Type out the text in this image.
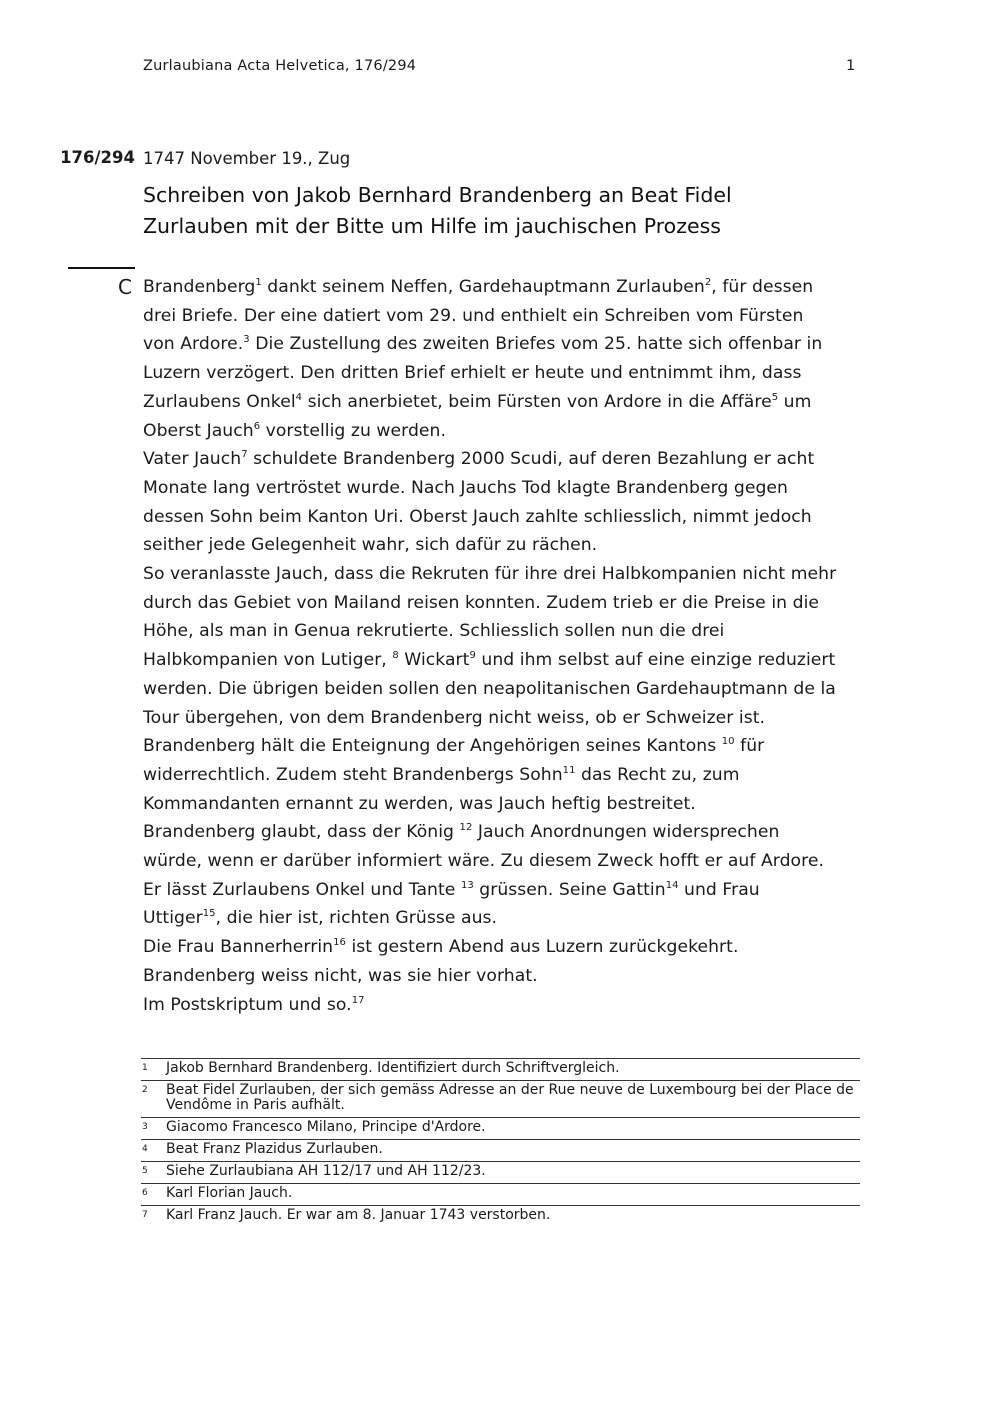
Zurlaubiana Acta Helvetica, 176/294	1
176/294 1747 November 19., Zug
Schreiben von Jakob Bernhard Brandenberg an Beat Fidel
Zurlauben mit der Bitte um Hilfe im jauchischen Prozess
C Brandenberg$^1$ dankt seinem Neffen, Gardehauptmann Zurlauben$^2$, für dessen
drei Briefe. Der eine datiert vom 29. und enthielt ein Schreiben vom Fürsten
von Ardore.$^3$ Die Zustellung des zweiten Briefes vom 25. hatte sich offenbar in
Luzern verzögert. Den dritten Brief erhielt er heute und entnimmt ihm, dass
Zurlaubens Onkel$^4$ sich anerbietet, beim Fürsten von Ardore in die Affäre$^5$ um
Oberst Jauch$^6$ vorstellig zu werden.
Vater Jauch$^7$ schuldete Brandenberg 2000 Scudi, auf deren Bezahlung er acht
Monate lang vertröstet wurde. Nach Jauchs Tod klagte Brandenberg gegen
dessen Sohn beim Kanton Uri. Oberst Jauch zahlte schliesslich, nimmt jedoch
seither jede Gelegenheit wahr, sich dafür zu rächen.
So veranlasste Jauch, dass die Rekruten für ihre drei Halbkompanien nicht mehr
durch das Gebiet von Mailand reisen konnten. Zudem trieb er die Preise in die
Höhe, als man in Genua rekrutierte. Schliesslich sollen nun die drei
Halbkompanien von Lutiger, $^8$ Wickart$^9$ und ihm selbst auf eine einzige reduziert
werden. Die übrigen beiden sollen den neapolitanischen Gardehauptmann de la
Tour übergehen, von dem Brandenberg nicht weiss, ob er Schweizer ist.
Brandenberg hält die Enteignung der Angehörigen seines Kantons $^{10}$ für
widerrechtlich. Zudem steht Brandenbergs Sohn$^{11}$ das Recht zu, zum
Kommandanten ernannt zu werden, was Jauch heftig bestreitet.
Brandenberg glaubt, dass der König $^{12}$ Jauch Anordnungen widersprechen
würde, wenn er darüber informiert wäre. Zu diesem Zweck hofft er auf Ardore.
Er lässt Zurlaubens Onkel und Tante $^{13}$ grüssen. Seine Gattin$^{14}$ und Frau
Uttiger$^{15}$, die hier ist, richten Grüsse aus.
Die Frau Bannerherrin$^{16}$ ist gestern Abend aus Luzern zurückgekehrt.
Brandenberg weiss nicht, was sie hier vorhat.
Im Postskriptum und so.$^{17}$
1 Jakob Bernhard Brandenberg. Identifiziert durch Schriftvergleich.
2 Beat Fidel Zurlauben, der sich gemäss Adresse an der Rue neuve de Luxembourg bei der Place de Vendôme in Paris aufhält.
3 Giacomo Francesco Milano, Principe d'Ardore.
4 Beat Franz Plazidus Zurlauben.
5 Siehe Zurlaubiana AH 112/17 und AH 112/23.
6 Karl Florian Jauch.
7 Karl Franz Jauch. Er war am 8. Januar 1743 verstorben.
